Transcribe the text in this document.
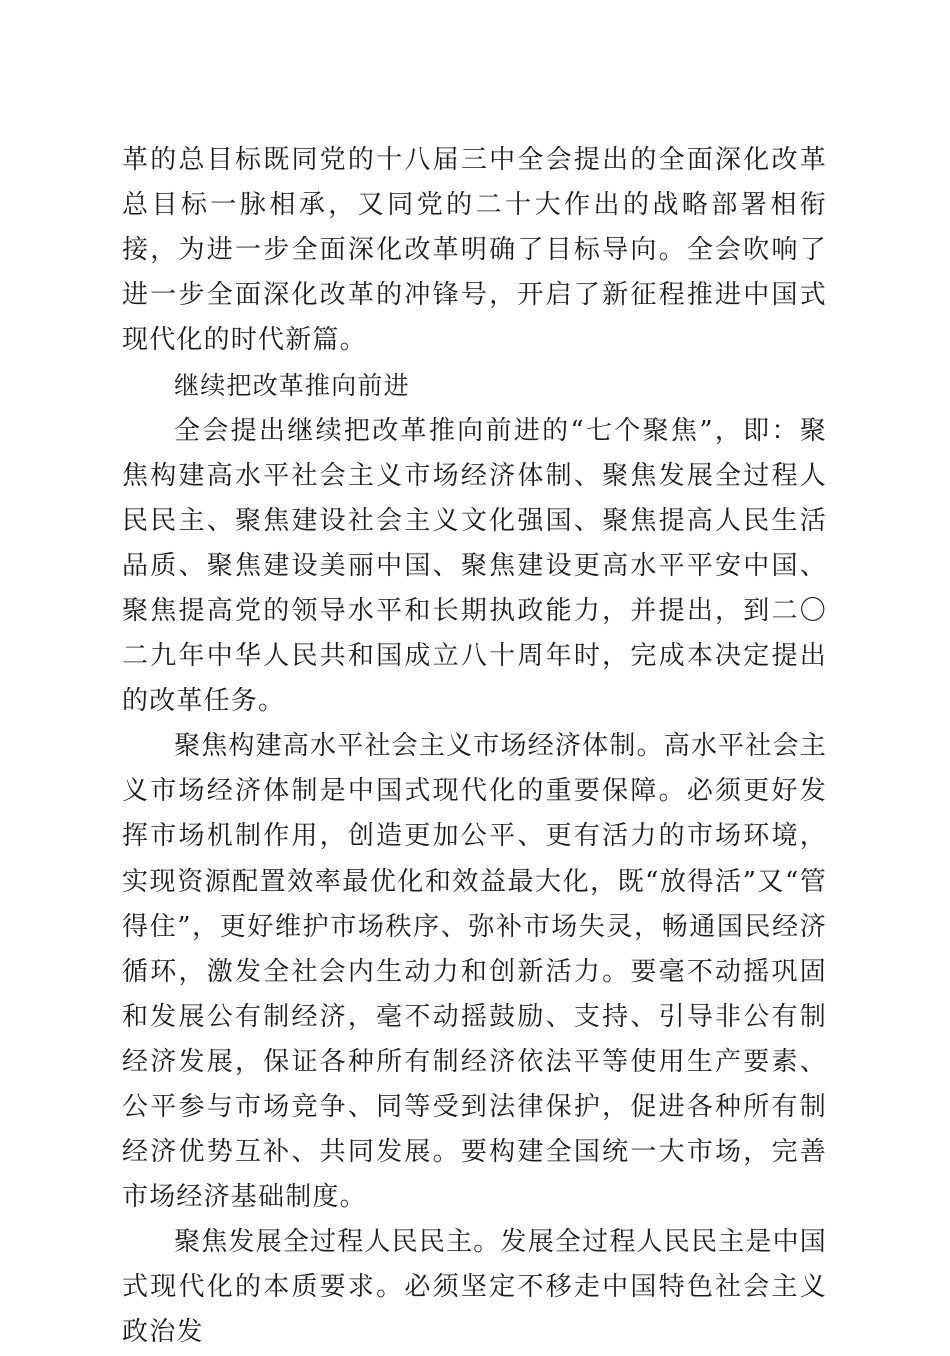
革的总目标既同党的十八届三中全会提出的全面深化改革总目标一脉相承，又同党的二十大作出的战略部署相衔接，为进一步全面深化改革明确了目标导向。全会吹响了进一步全面深化改革的冲锋号，开启了新征程推进中国式现代化的时代新篇。

继续把改革推向前进

全会提出继续把改革推向前进的“七个聚焦”，即：聚焦构建高水平社会主义市场经济体制、聚焦发展全过程人民民主、聚焦建设社会主义文化强国、聚焦提高人民生活品质、聚焦建设美丽中国、聚焦建设更高水平平安中国、聚焦提高党的领导水平和长期执政能力，并提出，到二〇二九年中华人民共和国成立八十周年时，完成本决定提出的改革任务。

聚焦构建高水平社会主义市场经济体制。高水平社会主义市场经济体制是中国式现代化的重要保障。必须更好发挥市场机制作用，创造更加公平、更有活力的市场环境，实现资源配置效率最优化和效益最大化，既“放得活”又“管得住”，更好维护市场秩序、弥补市场失灵，畅通国民经济循环，激发全社会内生动力和创新活力。要毫不动摇巩固和发展公有制经济，毫不动摇鼓励、支持、引导非公有制经济发展，保证各种所有制经济依法平等使用生产要素、公平参与市场竞争、同等受到法律保护，促进各种所有制经济优势互补、共同发展。要构建全国统一大市场，完善市场经济基础制度。

聚焦发展全过程人民民主。发展全过程人民民主是中国式现代化的本质要求。必须坚定不移走中国特色社会主义政治发
